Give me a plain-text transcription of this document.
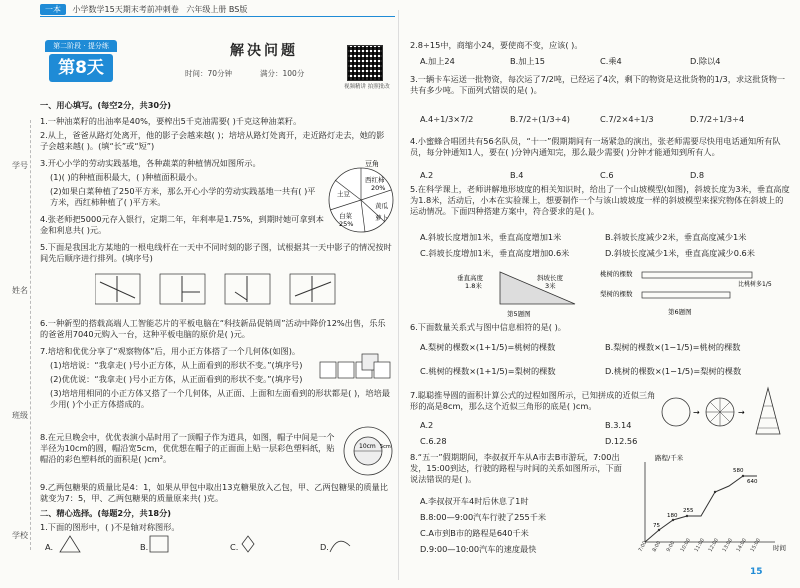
一本 小学数学15天期末考前冲刺卷 六年级上册 BS版
学号
姓名
班级
学校
第二阶段 · 提分练
第8天
解决问题
时间：70分钟	满分：100分
视频精讲 拍照批改
一、用心填写。(每空2分，共30分)
1.一种油菜籽的出油率是40%，要榨出5千克油需要( )千克这种油菜籽。
2.从上，爸爸从路灯处离开，他的影子会越来越( )；培培从路灯处离开，走近路灯走去，她的影子会越来越( )。(填“长”或“短”)
3.开心小学的劳动实践基地，各种蔬菜的种植情况如图所示。
(1)( )的种植面积最大，( )种植面积最小。
(2)如果白菜种植了250平方米，那么开心小学的劳动实践基地一共有( )平方米，西红柿种植了( )平方米。
4.张老师把5000元存入银行，定期二年，年利率是1.75%，到期时她可拿到本金和利息共( )元。
豆角
西红柿
20%
土豆
黄瓜
萝卜
白菜
25%
5.下面是我国北方某地的一根电线杆在一天中不同时刻的影子图，试根据其一天中影子的情况按时间先后顺序进行排列。(填序号)
6.一种新型的搭载高端人工智能芯片的平板电脑在“科技新品促销周”活动中降价12%出售，乐乐的爸爸用7040元购入一台，这种平板电脑的原价是( )元。
7.培培和优优分享了“观察物体”后，用小正方体搭了一个几何体(如图)。
(1)培培说：“我拿走( )号小正方体，从上面看到的形状不变。”(填序号)
(2)优优说：“我拿走( )号小正方体，从正面看到的形状不变。”(填序号)
(3)培培用相同的小正方体又搭了一个几何体，从正面、上面和左面看到的形状都是( )，培培最少用( )个小正方体搭成的。
8.在元旦晚会中，优优表演小品时用了一顶帽子作为道具，如图，帽子中间是一个半径为10cm的圆，帽沿宽5cm，优优想在帽子的正面面上贴一层彩色塑料纸，贴帽沿的彩色塑料纸的面积是( )cm²。
10cm 5cm
9.乙两包糖果的质量比是4：1，如果从甲包中取出13克糖果放入乙包，甲、乙两包糖果的质量比就变为7：5，甲、乙两包糖果的质量原来共( )克。
二、精心选择。(每题2分，共18分)
1.下面的图形中，( )不是轴对称图形。
A.	B.	C.	D.
2.8÷15中，商缩小24，要使商不变，应该( )。
A.加上24	B.加上15	C.乘4	D.除以4
3.一辆卡车运送一批物资，每次运了7/2吨，已经运了4次，剩下的物资是这批货物的1/3，求这批货物一共有多少吨。下面列式错误的是( )。
A.4÷1/3×7/2	B.7/2÷(1/3÷4)	C.7/2×4÷1/3	D.7/2÷1/3÷4
4.小蜜蜂合唱团共有56名队员，“十一”假期期间有一场紧急的演出，张老师需要尽快用电话通知所有队员，每分钟通知1人，要在( )分钟内通知完，那么最少需要( )分钟才能通知到所有人。
A.2	B.4	C.6	D.8
5.在科学课上，老师讲解地形坡度的相关知识时，给出了一个山坡模型(如图)，斜坡长度为3米，垂直高度为1.8米，活动后，小本在实验课上，想要制作一个与该山坡坡度一样的斜坡模型来探究物体在斜坡上的运动情况。下面四种搭建方案中，符合要求的是( )。
A.斜坡长度增加1米，垂直高度增加1米	B.斜坡长度减少2米，垂直高度减少1米
C.斜坡长度增加1米，垂直高度增加0.6米	D.斜坡长度减少1米，垂直高度减少0.6米
垂直高度
1.8米
斜坡长度
3米
第5题图
桃树的棵数
梨树的棵数
比桃树多1/5
第6题图
6.下面数量关系式与图中信息相符的是( )。
A.梨树的棵数×(1+1/5)=桃树的棵数	B.梨树的棵数×(1−1/5)=桃树的棵数
C.桃树的棵数×(1+1/5)=梨树的棵数	D.桃树的棵数×(1−1/5)=梨树的棵数
7.聪聪推导圆的面积计算公式的过程如图所示，已知拼成的近似三角形的高是8cm，那么这个近似三角形的底是( )cm。
A.2	B.3.14
C.6.28	D.12.56
→	→
8.“五一”假期期间，李叔叔开车从A市去B市游玩，7:00出发，15:00到达，行驶的路程与时间的关系如图所示，下面说法错误的是( )。
A.李叔叔开车4时后休息了1时
B.8:00—9:00汽车行驶了255千米
C.A市到B市的路程是640千米
D.9:00—10:00汽车的速度最快
路程/千米
时间
75
180
255
580
640
7:00 8:00 9:00 10:00 11:00 12:00 13:00 14:00 15:00
15
